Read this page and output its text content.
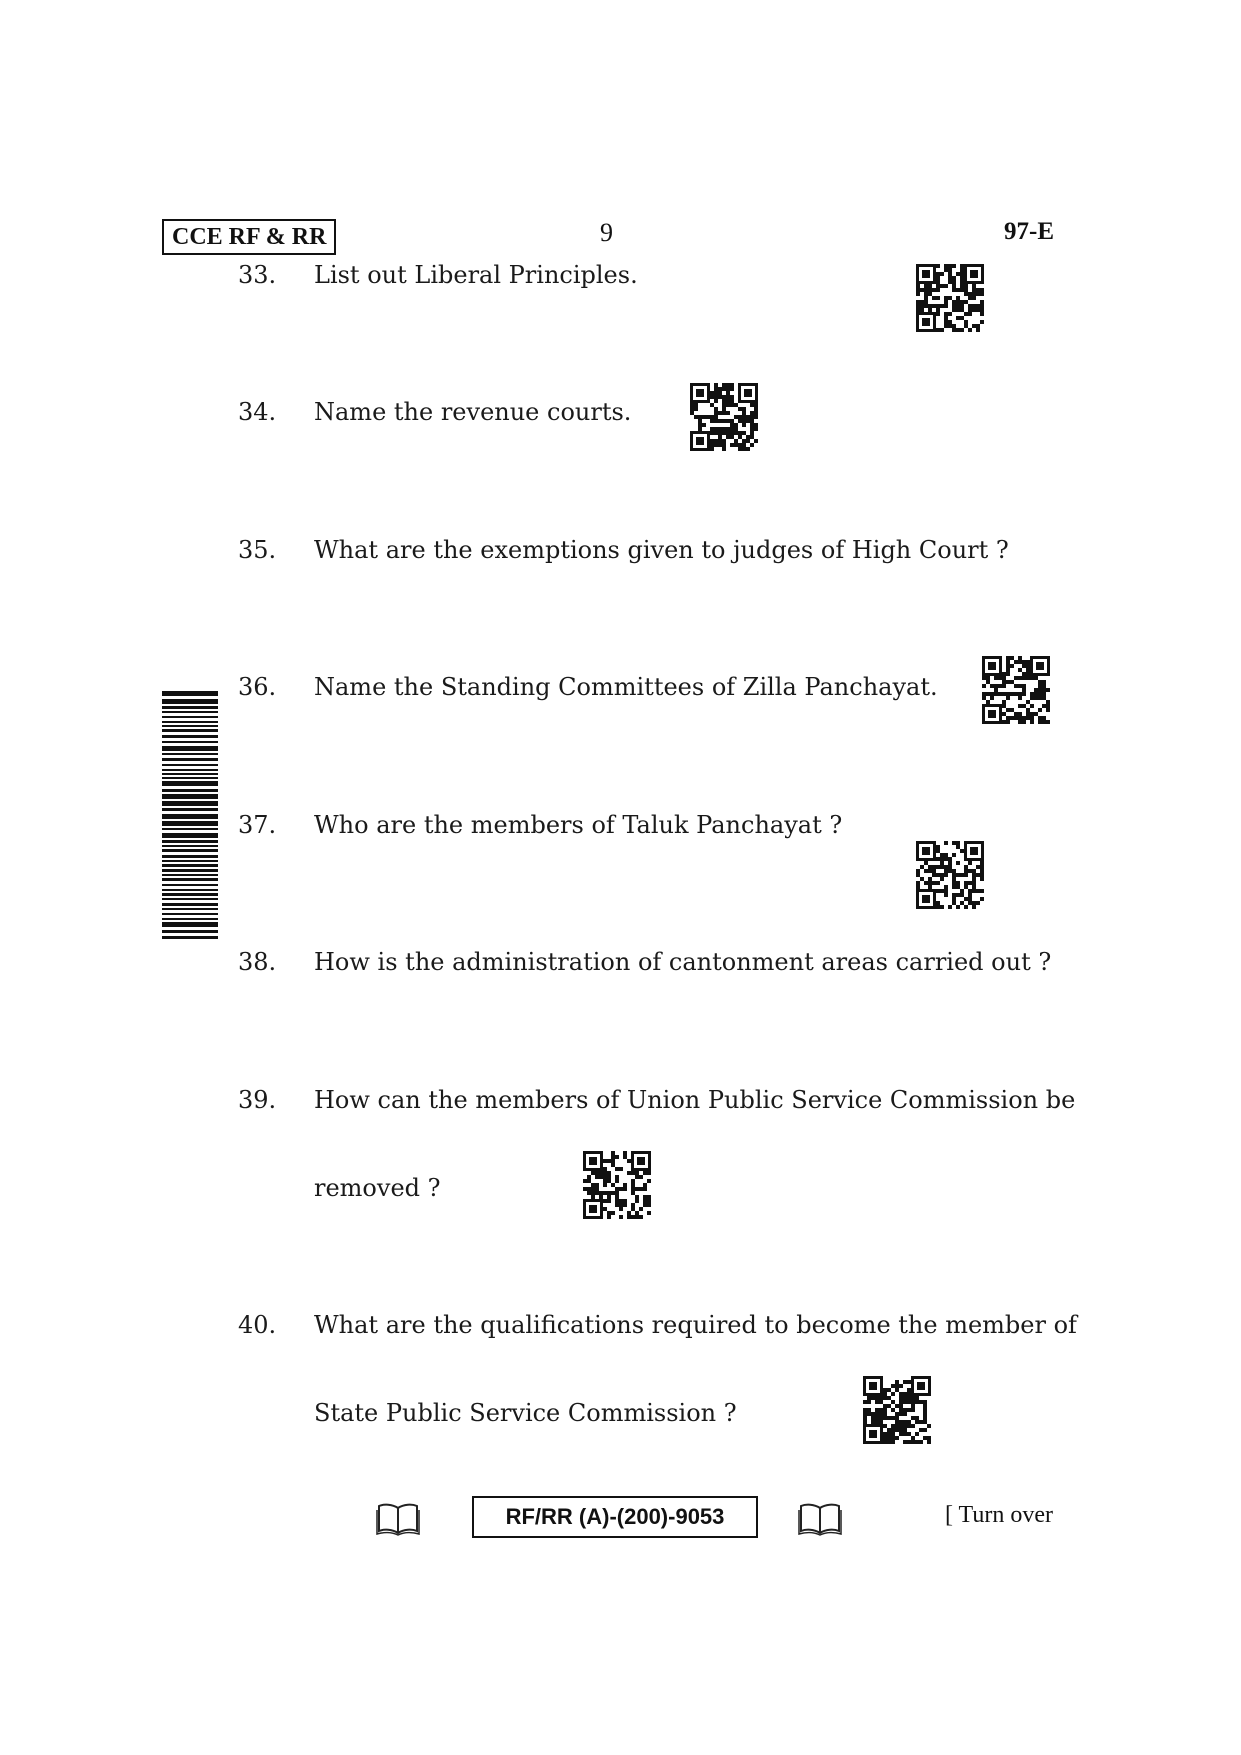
CCE RF & RR	9	97-E
33. List out Liberal Principles.
34. Name the revenue courts.
35. What are the exemptions given to judges of High Court ?
36. Name the Standing Committees of Zilla Panchayat.
37. Who are the members of Taluk Panchayat ?
38. How is the administration of cantonment areas carried out ?
39. How can the members of Union Public Service Commission be
removed ?
40. What are the qualifications required to become the member of
State Public Service Commission ?
RF/RR (A)-(200)-9053	[ Turn over
